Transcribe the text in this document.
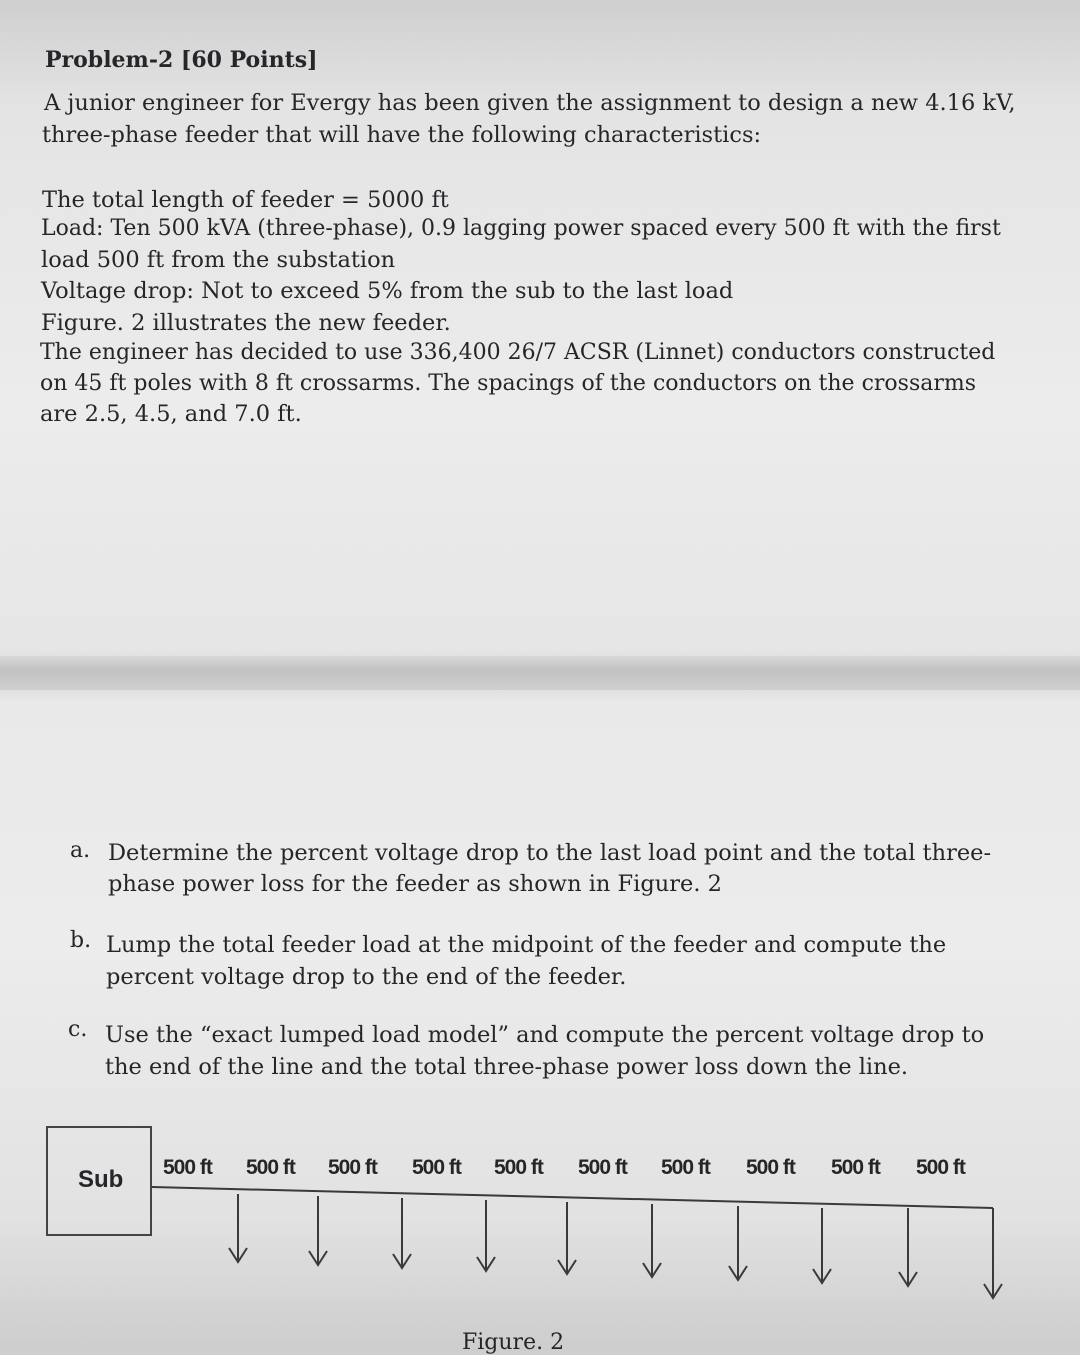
Problem-2 [60 Points]
A junior engineer for Evergy has been given the assignment to design a new 4.16 kV,
three-phase feeder that will have the following characteristics:
The total length of feeder = 5000 ft
Load: Ten 500 kVA (three-phase), 0.9 lagging power spaced every 500 ft with the first
load 500 ft from the substation
Voltage drop: Not to exceed 5% from the sub to the last load
Figure. 2 illustrates the new feeder.
The engineer has decided to use 336,400 26/7 ACSR (Linnet) conductors constructed
on 45 ft poles with 8 ft crossarms. The spacings of the conductors on the crossarms
are 2.5, 4.5, and 7.0 ft.
a. Determine the percent voltage drop to the last load point and the total three-
phase power loss for the feeder as shown in Figure. 2
b. Lump the total feeder load at the midpoint of the feeder and compute the
percent voltage drop to the end of the feeder.
c. Use the “exact lumped load model” and compute the percent voltage drop to
the end of the line and the total three-phase power loss down the line.
Sub 500 ft 500 ft 500 ft 500 ft 500 ft 500 ft 500 ft 500 ft 500 ft 500 ft
Figure. 2
